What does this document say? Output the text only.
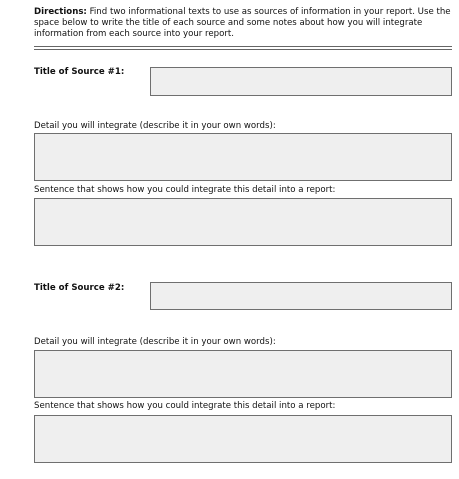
Directions: Find two informational texts to use as sources of information in your report. Use the space below to write the title of each source and some notes about how you will integrate information from each source into your report.
Title of Source #1:
Detail you will integrate (describe it in your own words):
Sentence that shows how you could integrate this detail into a report:
Title of Source #2:
Detail you will integrate (describe it in your own words):
Sentence that shows how you could integrate this detail into a report:
